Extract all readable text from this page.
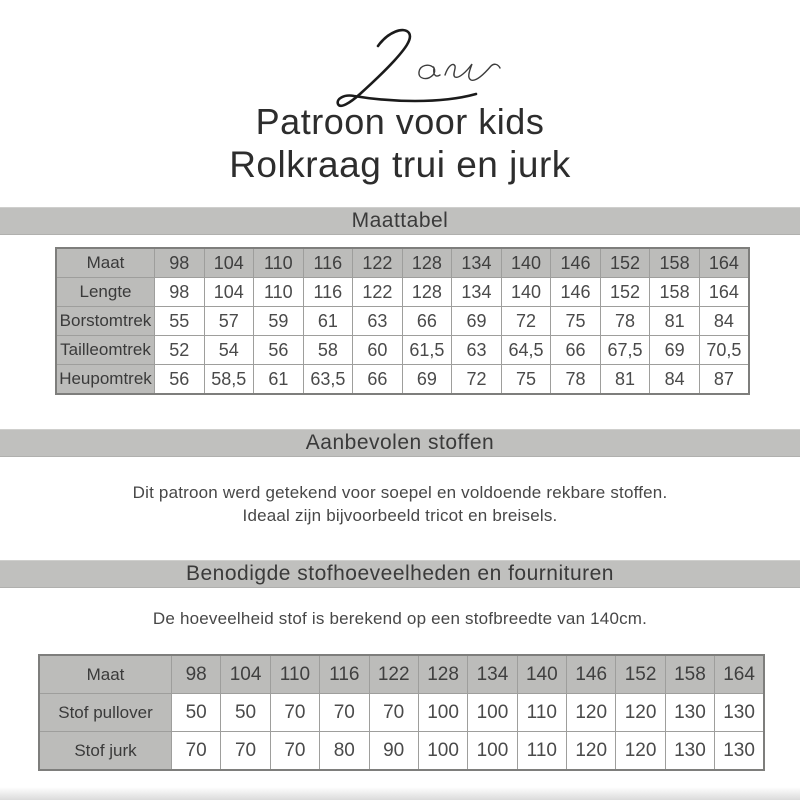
Patroon voor kids
Rolkraag trui en jurk
Maattabel
Maat	98	104	110	116	122	128	134	140	146	152	158	164
Lengte	98	104	110	116	122	128	134	140	146	152	158	164
Borstomtrek	55	57	59	61	63	66	69	72	75	78	81	84
Tailleomtrek	52	54	56	58	60	61,5	63	64,5	66	67,5	69	70,5
Heupomtrek	56	58,5	61	63,5	66	69	72	75	78	81	84	87
Aanbevolen stoffen
Dit patroon werd getekend voor soepel en voldoende rekbare stoffen.
Ideaal zijn bijvoorbeeld tricot en breisels.
Benodigde stofhoeveelheden en fournituren
De hoeveelheid stof is berekend op een stofbreedte van 140cm.
Maat	98	104	110	116	122	128	134	140	146	152	158	164
Stof pullover	50	50	70	70	70	100	100	110	120	120	130	130
Stof jurk	70	70	70	80	90	100	100	110	120	120	130	130
